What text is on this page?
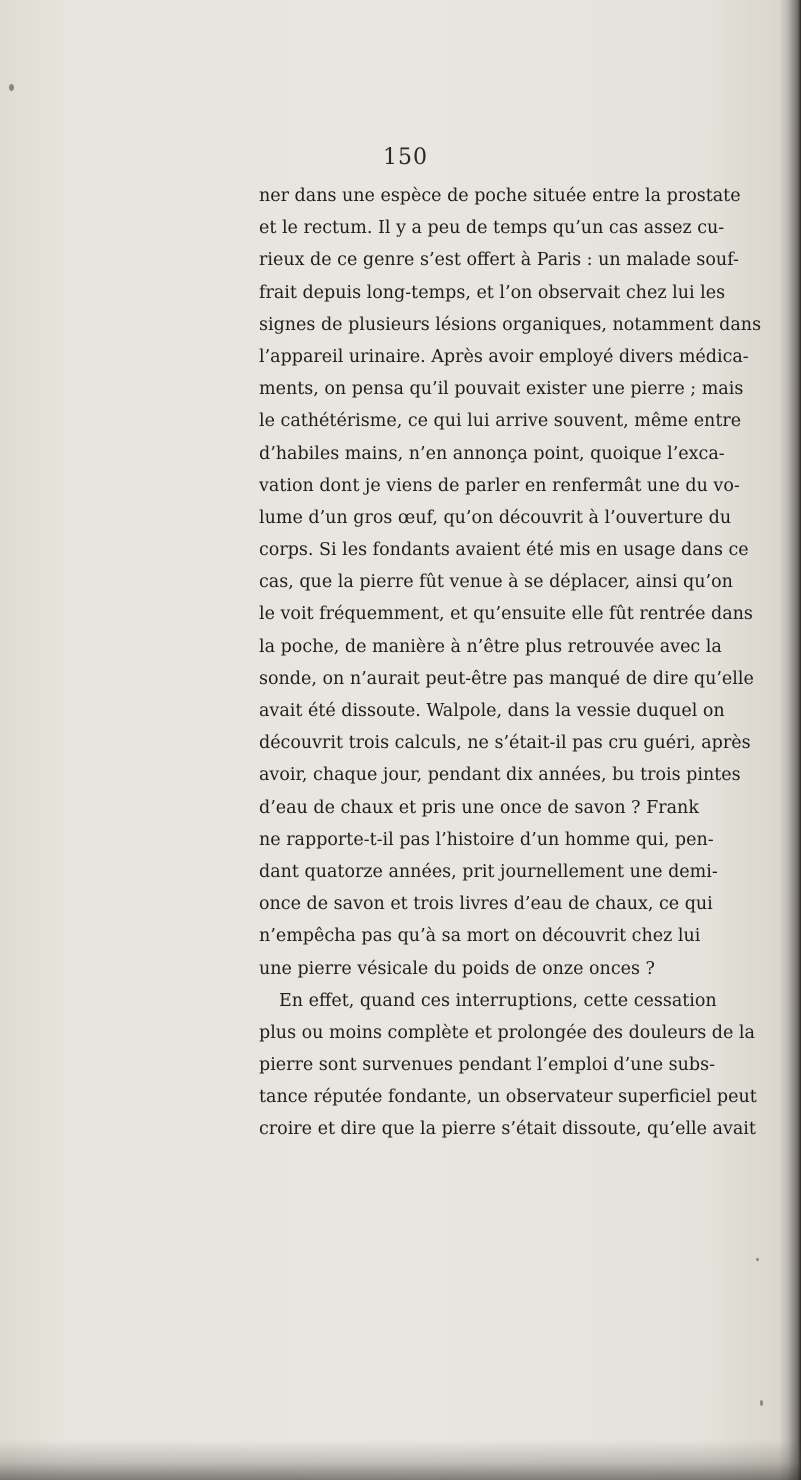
150
ner dans une espèce de poche située entre la prostate
et le rectum. Il y a peu de temps qu’un cas assez cu-
rieux de ce genre s’est offert à Paris : un malade souf-
frait depuis long-temps, et l’on observait chez lui les
signes de plusieurs lésions organiques, notamment dans
l’appareil urinaire. Après avoir employé divers médica-
ments, on pensa qu’il pouvait exister une pierre ; mais
le cathétérisme, ce qui lui arrive souvent, même entre
d’habiles mains, n’en annonça point, quoique l’exca-
vation dont je viens de parler en renfermât une du vo-
lume d’un gros œuf, qu’on découvrit à l’ouverture du
corps. Si les fondants avaient été mis en usage dans ce
cas, que la pierre fût venue à se déplacer, ainsi qu’on
le voit fréquemment, et qu’ensuite elle fût rentrée dans
la poche, de manière à n’être plus retrouvée avec la
sonde, on n’aurait peut-être pas manqué de dire qu’elle
avait été dissoute. Walpole, dans la vessie duquel on
découvrit trois calculs, ne s’était-il pas cru guéri, après
avoir, chaque jour, pendant dix années, bu trois pintes
d’eau de chaux et pris une once de savon ? Frank
ne rapporte-t-il pas l’histoire d’un homme qui, pen-
dant quatorze années, prit journellement une demi-
once de savon et trois livres d’eau de chaux, ce qui
n’empêcha pas qu’à sa mort on découvrit chez lui
une pierre vésicale du poids de onze onces ?
En effet, quand ces interruptions, cette cessation
plus ou moins complète et prolongée des douleurs de la
pierre sont survenues pendant l’emploi d’une subs-
tance réputée fondante, un observateur superficiel peut
croire et dire que la pierre s’était dissoute, qu’elle avait
